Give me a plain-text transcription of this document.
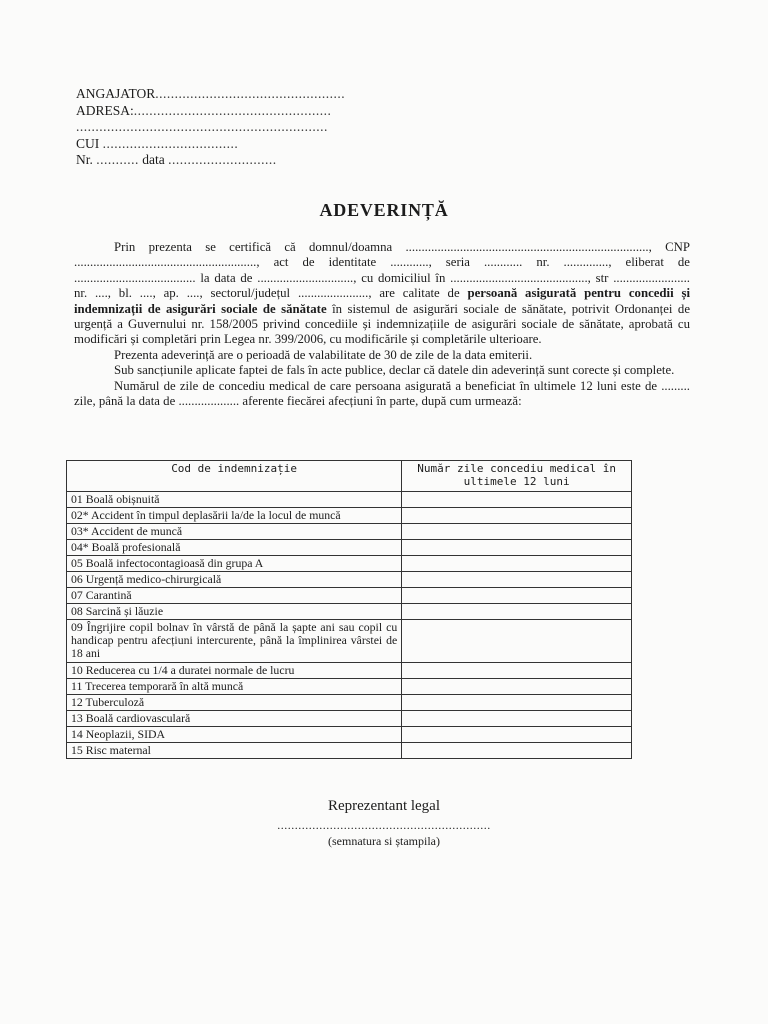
ANGAJATOR.................................................
ADRESA:...................................................
.................................................................
CUI ...................................
Nr. ........... data ............................
ADEVERINȚĂ

Prin prezenta se certifică că domnul/doamna ............................................................................, CNP ........................................................., act de identitate ............, seria ............ nr. .............., eliberat de ...................................... la data de .............................., cu domiciliul în ..........................................., str ........................ nr. ...., bl. ...., ap. ...., sectorul/județul ......................, are calitate de persoană asigurată pentru concedii și indemnizații de asigurări sociale de sănătate în sistemul de asigurări sociale de sănătate, potrivit Ordonanței de urgență a Guvernului nr. 158/2005 privind concediile și indemnizațiile de asigurări sociale de sănătate, aprobată cu modificări și completări prin Legea nr. 399/2006, cu modificările și completările ulterioare.

Prezenta adeverință are o perioadă de valabilitate de 30 de zile de la data emiterii.

Sub sancțiunile aplicate faptei de fals în acte publice, declar că datele din adeverință sunt corecte și complete.

Numărul de zile de concediu medical de care persoana asigurată a beneficiat în ultimele 12 luni este de ......... zile, până la data de ................... aferente fiecărei afecțiuni în parte, după cum urmează:

Cod de indemnizație	Număr zile concediu medical în ultimele 12 luni
01 Boală obișnuită	
02* Accident în timpul deplasării la/de la locul de muncă	
03* Accident de muncă	
04* Boală profesională	
05 Boală infectocontagioasă din grupa A	
06 Urgență medico-chirurgicală	
07 Carantină	
08 Sarcină și lăuzie	
09 Îngrijire copil bolnav în vârstă de până la șapte ani sau copil cu handicap pentru afecțiuni intercurente, până la împlinirea vârstei de 18 ani	
10 Reducerea cu 1/4 a duratei normale de lucru	
11 Trecerea temporară în altă muncă	
12 Tuberculoză	
13 Boală cardiovasculară	
14 Neoplazii, SIDA	
15 Risc maternal	
Reprezentant legal
.............................................................
(semnatura si ștampila)
